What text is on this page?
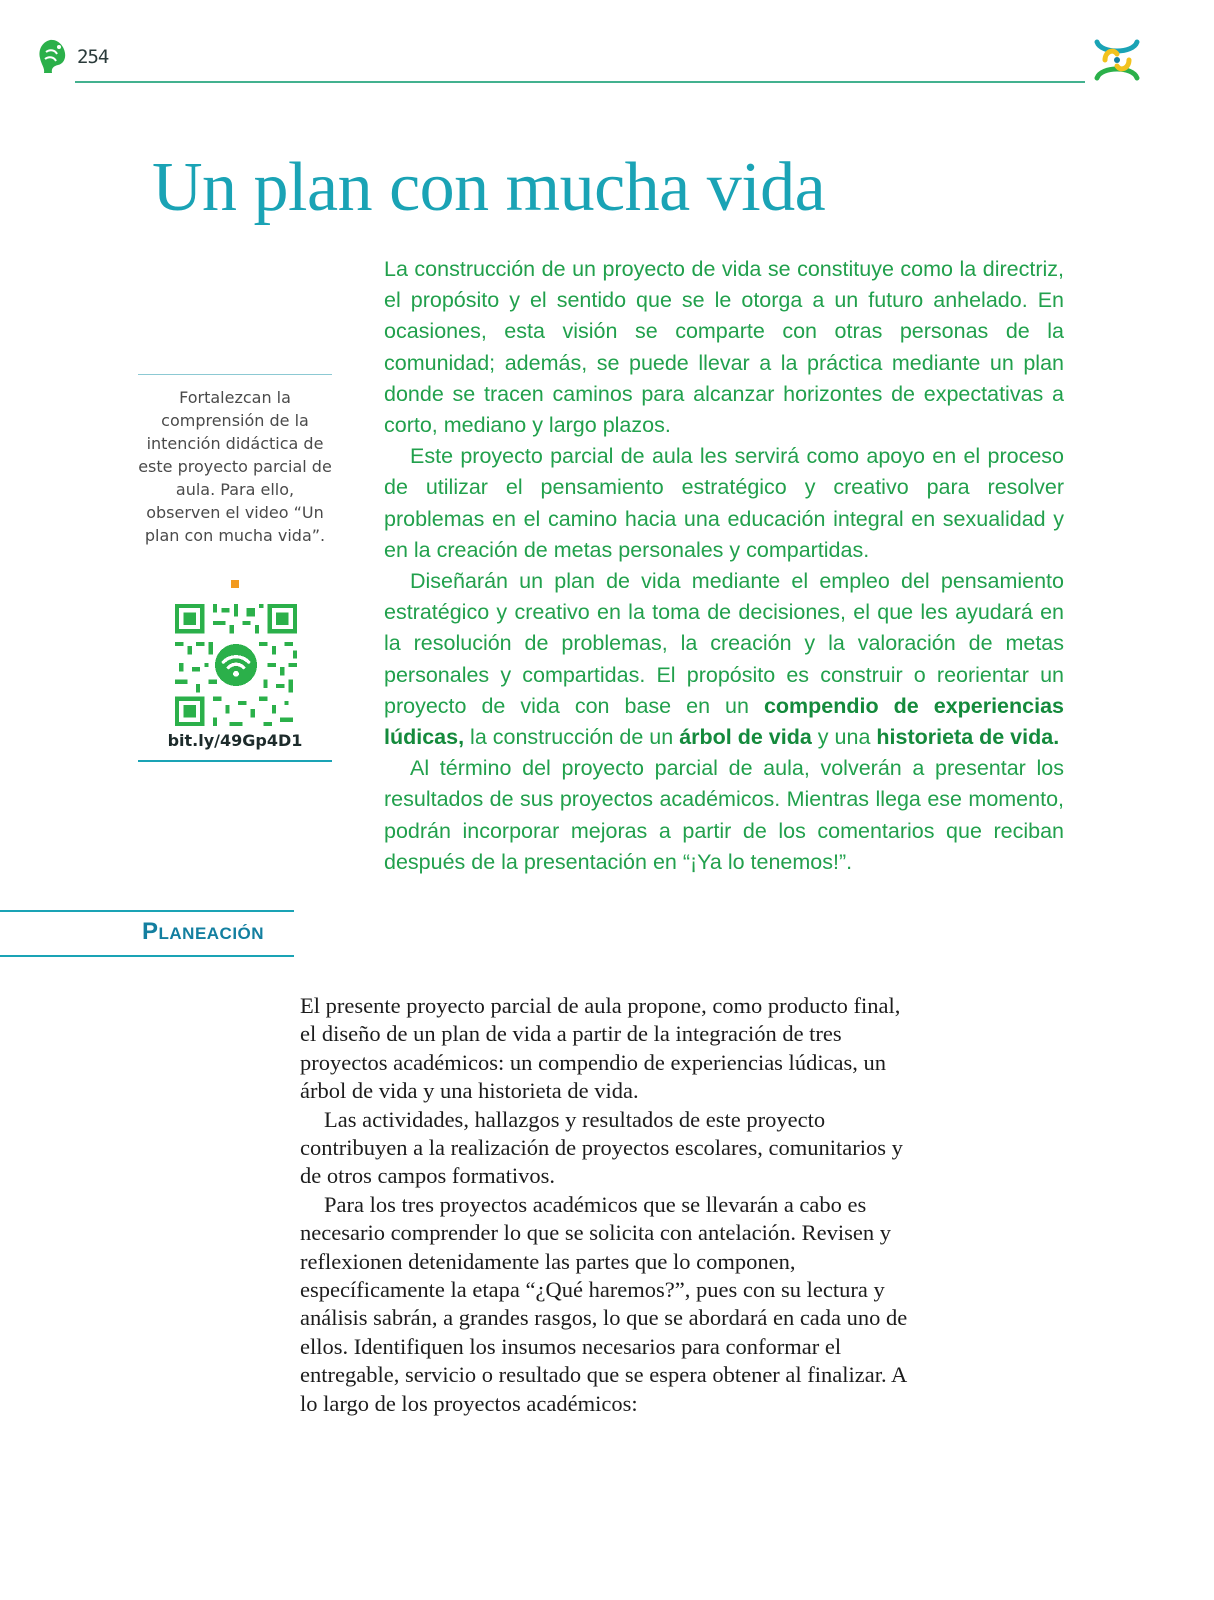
254
Un plan con mucha vida

La construcción de un proyecto de vida se constituye como la directriz, el propósito y el sentido que se le otorga a un futuro anhelado. En ocasiones, esta visión se comparte con otras personas de la comunidad; además, se puede llevar a la práctica mediante un plan donde se tracen caminos para alcanzar horizontes de expectativas a corto, mediano y largo plazos.

Este proyecto parcial de aula les servirá como apoyo en el proceso de utilizar el pensamiento estratégico y creativo para resolver problemas en el camino hacia una educación integral en sexualidad y en la creación de metas personales y compartidas.

Diseñarán un plan de vida mediante el empleo del pensamiento estratégico y creativo en la toma de decisiones, el que les ayudará en la resolución de problemas, la creación y la valoración de metas personales y compartidas. El propósito es construir o reorientar un proyecto de vida con base en un compendio de experiencias lúdicas, la construcción de un árbol de vida y una historieta de vida.

Al término del proyecto parcial de aula, volverán a presentar los resultados de sus proyectos académicos. Mientras llega ese momento, podrán incorporar mejoras a partir de los comentarios que reciban después de la presentación en “¡Ya lo tenemos!”.

Fortalezcan la comprensión de la intención didáctica de este proyecto parcial de aula. Para ello, observen el video “Un plan con mucha vida”.
bit.ly/49Gp4D1
Planeación

El presente proyecto parcial de aula propone, como producto final, el diseño de un plan de vida a partir de la integración de tres proyectos académicos: un compendio de experiencias lúdicas, un árbol de vida y una historieta de vida.

Las actividades, hallazgos y resultados de este proyecto contribuyen a la realización de proyectos escolares, comunitarios y de otros campos formativos.

Para los tres proyectos académicos que se llevarán a cabo es necesario comprender lo que se solicita con antelación. Revisen y reflexionen detenidamente las partes que lo componen, específicamente la etapa “¿Qué haremos?”, pues con su lectura y análisis sabrán, a grandes rasgos, lo que se abordará en cada uno de ellos. Identifiquen los insumos necesarios para conformar el entregable, servicio o resultado que se espera obtener al finalizar. A lo largo de los proyectos académicos:
